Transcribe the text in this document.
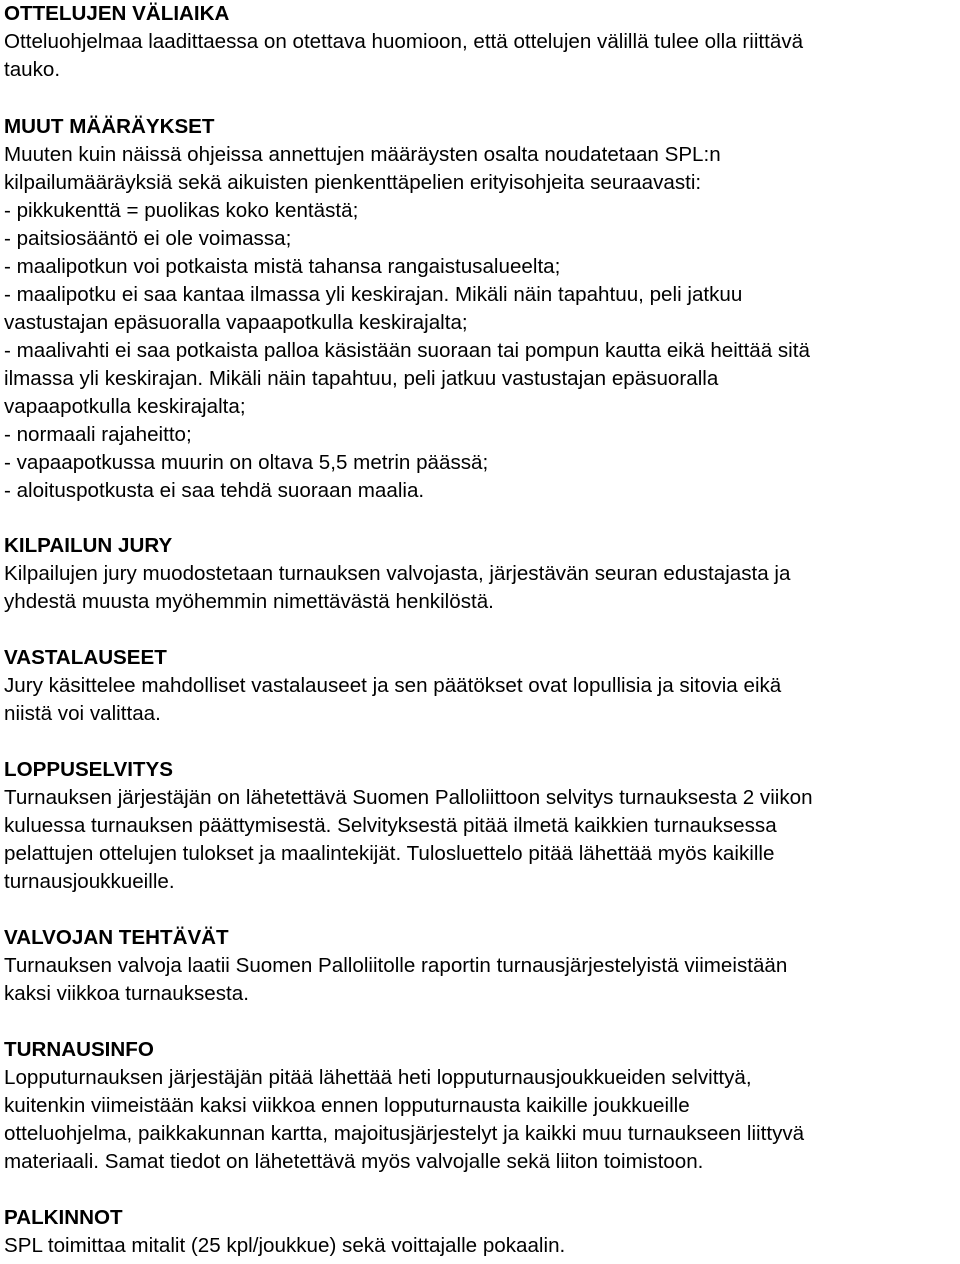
OTTELUJEN VÄLIAIKA
Otteluohjelmaa laadittaessa on otettava huomioon, että ottelujen välillä tulee olla riittävä
tauko.
MUUT MÄÄRÄYKSET
Muuten kuin näissä ohjeissa annettujen määräysten osalta noudatetaan SPL:n
kilpailumääräyksiä sekä aikuisten pienkenttäpelien erityisohjeita seuraavasti:
- pikkukenttä = puolikas koko kentästä;
- paitsiosääntö ei ole voimassa;
- maalipotkun voi potkaista mistä tahansa rangaistusalueelta;
- maalipotku ei saa kantaa ilmassa yli keskirajan. Mikäli näin tapahtuu, peli jatkuu
vastustajan epäsuoralla vapaapotkulla keskirajalta;
- maalivahti ei saa potkaista palloa käsistään suoraan tai pompun kautta eikä heittää sitä
ilmassa yli keskirajan. Mikäli näin tapahtuu, peli jatkuu vastustajan epäsuoralla
vapaapotkulla keskirajalta;
- normaali rajaheitto;
- vapaapotkussa muurin on oltava 5,5 metrin päässä;
- aloituspotkusta ei saa tehdä suoraan maalia.
KILPAILUN JURY
Kilpailujen jury muodostetaan turnauksen valvojasta, järjestävän seuran edustajasta ja
yhdestä muusta myöhemmin nimettävästä henkilöstä.
VASTALAUSEET
Jury käsittelee mahdolliset vastalauseet ja sen päätökset ovat lopullisia ja sitovia eikä
niistä voi valittaa.
LOPPUSELVITYS
Turnauksen järjestäjän on lähetettävä Suomen Palloliittoon selvitys turnauksesta 2 viikon
kuluessa turnauksen päättymisestä. Selvityksestä pitää ilmetä kaikkien turnauksessa
pelattujen ottelujen tulokset ja maalintekijät. Tulosluettelo pitää lähettää myös kaikille
turnausjoukkueille.
VALVOJAN TEHTÄVÄT
Turnauksen valvoja laatii Suomen Palloliitolle raportin turnausjärjestelyistä viimeistään
kaksi viikkoa turnauksesta.
TURNAUSINFO
Lopputurnauksen järjestäjän pitää lähettää heti lopputurnausjoukkueiden selvittyä,
kuitenkin viimeistään kaksi viikkoa ennen lopputurnausta kaikille joukkueille
otteluohjelma, paikkakunnan kartta, majoitusjärjestelyt ja kaikki muu turnaukseen liittyvä
materiaali. Samat tiedot on lähetettävä myös valvojalle sekä liiton toimistoon.
PALKINNOT
SPL toimittaa mitalit (25 kpl/joukkue) sekä voittajalle pokaalin.
